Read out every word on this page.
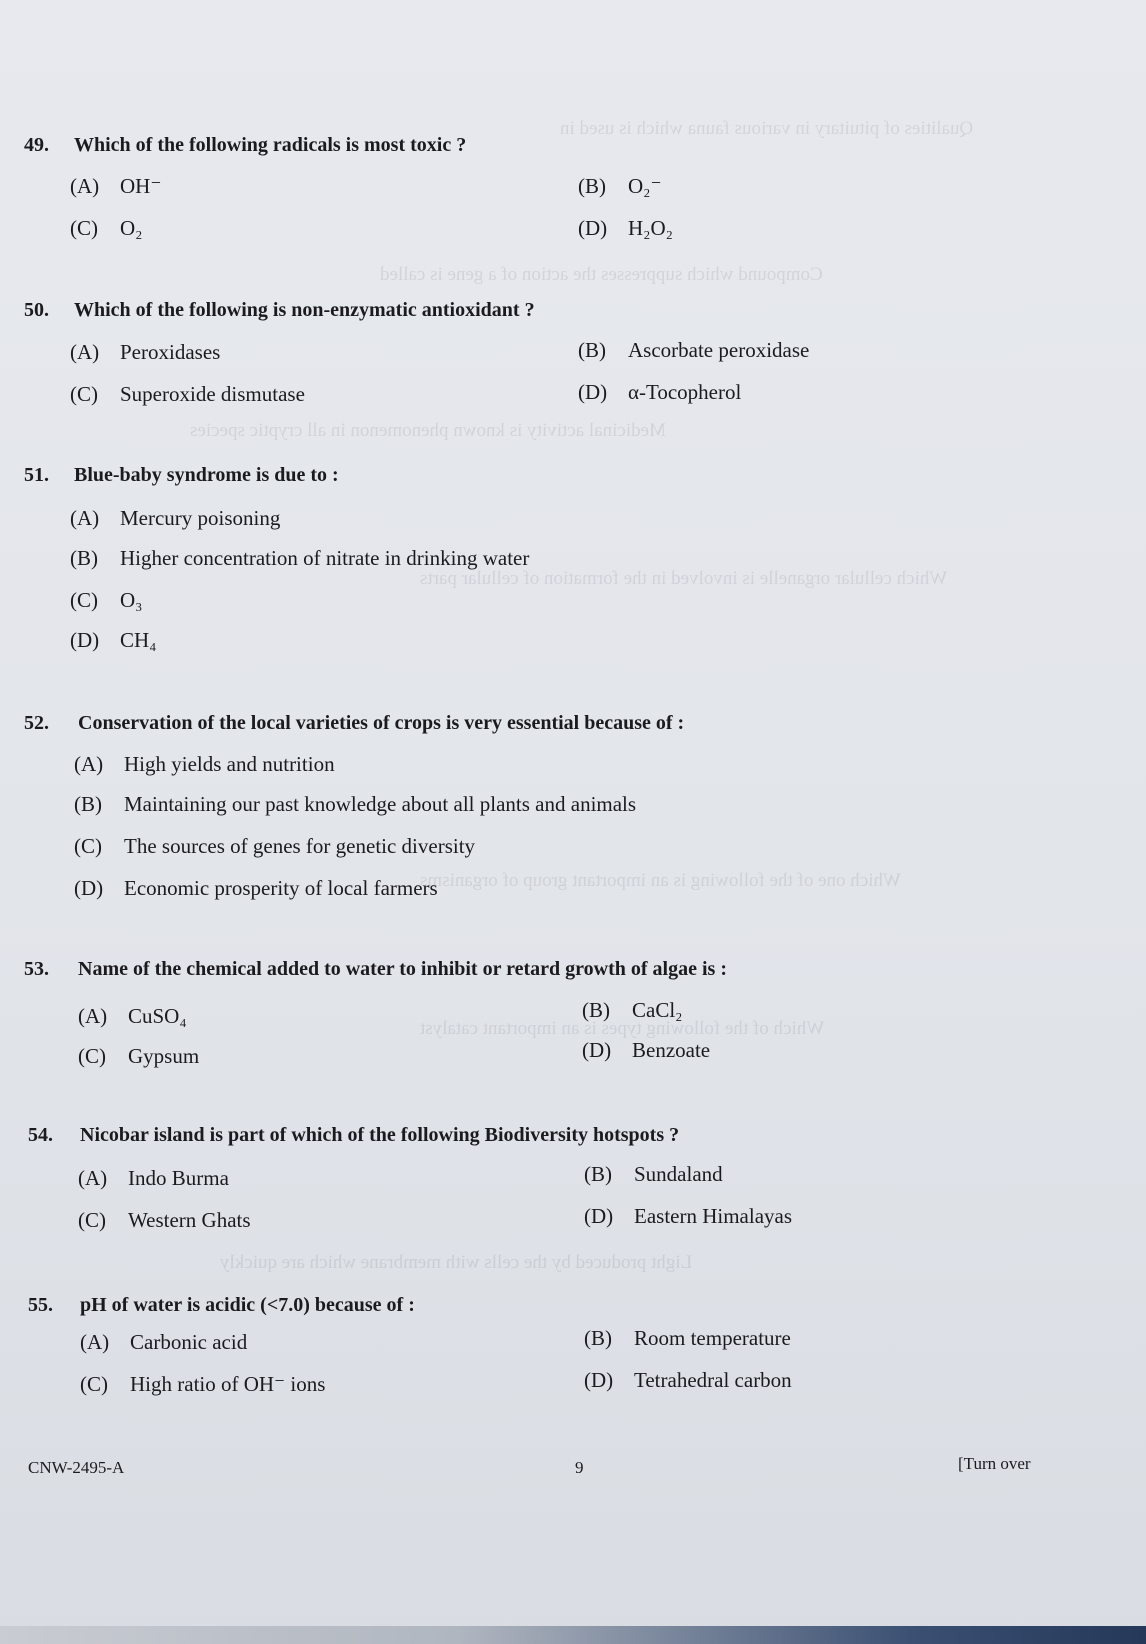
Qualities of pituitary in various fauna which is used in
Compound which suppresses the action of a gene is called
Medicinal activity is known phenomenon in all cryptic species
Which cellular organelle is involved in the formation of cellular parts
Which one of the following is an important group of organisms
Which of the following types is an important catalyst
Light produced by the cells with membrane which are quickly
49. Which of the following radicals is most toxic ?
(A) OH⁻	(B) O₂⁻
(C) O₂	(D) H₂O₂
50. Which of the following is non-enzymatic antioxidant ?
(A) Peroxidases	(B) Ascorbate peroxidase
(C) Superoxide dismutase	(D) α-Tocopherol
51. Blue-baby syndrome is due to :
(A) Mercury poisoning
(B) Higher concentration of nitrate in drinking water
(C) O₃
(D) CH₄
52. Conservation of the local varieties of crops is very essential because of :
(A) High yields and nutrition
(B) Maintaining our past knowledge about all plants and animals
(C) The sources of genes for genetic diversity
(D) Economic prosperity of local farmers
53. Name of the chemical added to water to inhibit or retard growth of algae is :
(A) CuSO₄	(B) CaCl₂
(C) Gypsum	(D) Benzoate
54. Nicobar island is part of which of the following Biodiversity hotspots ?
(A) Indo Burma	(B) Sundaland
(C) Western Ghats	(D) Eastern Himalayas
55. pH of water is acidic (<7.0) because of :
(A) Carbonic acid	(B) Room temperature
(C) High ratio of OH⁻ ions	(D) Tetrahedral carbon
CNW-2495-A	9	[Turn over
